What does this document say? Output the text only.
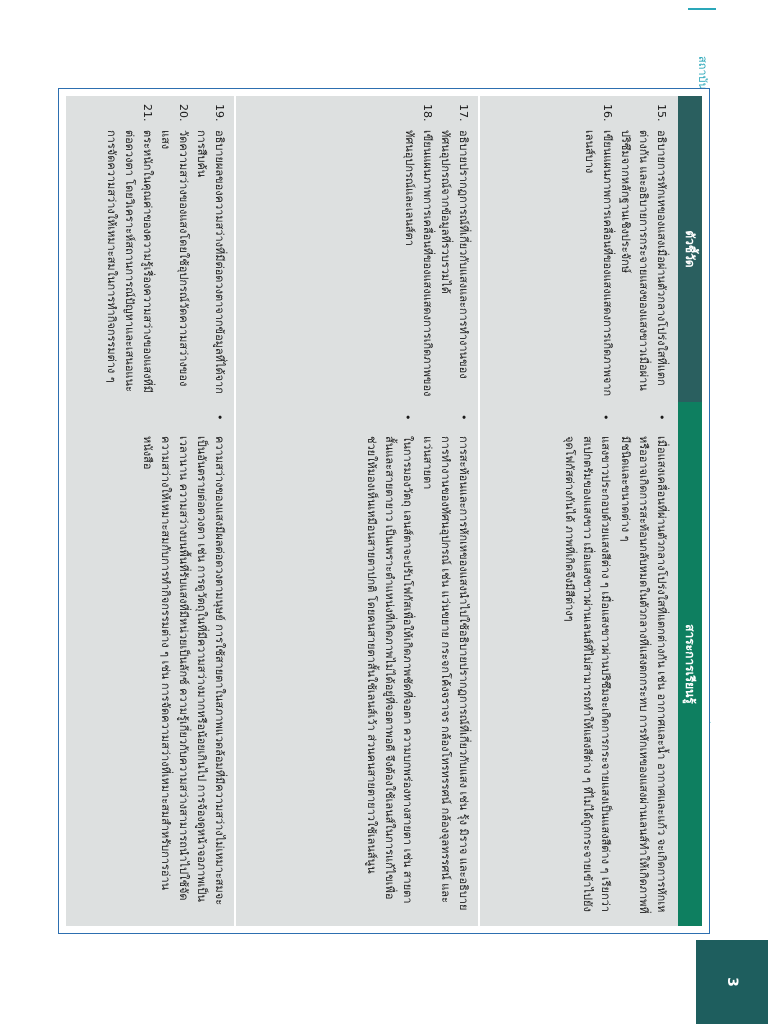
3
ตัวชี้วัด
สาระการเรียนรู้
15.
อธิบายการหักเหของแสงเมื่อผ่านตัวกลางโปร่งใสที่แตกต่างกัน และอธิบายการกระจายแสงของแสงขาวเมื่อผ่านปริซึมจากหลักฐานเชิงประจักษ์
16.
เขียนแผนภาพการเคลื่อนที่ของแสงแสดงการเกิดภาพจากเลนส์บาง
•
เมื่อแสงเคลื่อนที่ผ่านตัวกลางโปร่งใสที่แตกต่างกัน เช่น อากาศและน้ำ อากาศและแก้ว จะเกิดการหักเห หรืออาจเกิดการสะท้อนกลับหมดในตัวกลางที่แสงตกกระทบ การหักเหของแสงผ่านเลนส์ทำให้เกิดภาพที่มีชนิดและขนาดต่าง ๆ
•
แสงขาวประกอบด้วยแสงสีต่าง ๆ เมื่อแสงขาวผ่านปริซึมจะเกิดการกระจายแสงเป็นแสงสีต่าง ๆ เรียกว่า สเปกตรัมของแสงขาว เมื่อแสงขาวผ่านเลนส์ที่ไม่สามารถทำให้แสงสีต่าง ๆ ที่ไม่ได้ถูกกระจายเข้าไปยังจุดโฟกัสต่างกันได้ ภาพที่เกิดจึงมีสีต่างๆ
17.
อธิบายปรากฏการณ์ที่เกี่ยวกับแสงและการทำงานของทัศนอุปกรณ์จากข้อมูลที่รวบรวมได้
18.
เขียนแผนภาพการเคลื่อนที่ของแสงแสดงการเกิดภาพของทัศนอุปกรณ์และเลนส์ตา
•
การสะท้อนและการหักเหของแสงนำไปใช้อธิบายปรากฏการณ์ที่เกี่ยวกับแสง เช่น รุ้ง มิราจ และอธิบายการทำงานของทัศนอุปกรณ์ เช่น แว่นขยาย กระจกโค้งจราจร กล้องโทรทรรศน์ กล้องจุลทรรศน์ และแว่นสายตา
•
ในการมองวัตถุ เลนส์ตาจะปรับโฟกัสเพื่อให้เกิดภาพชัดที่จอตา ความบกพร่องทางสายตา เช่น สายตาสั้นและสายตายาว เป็นเพราะตำแหน่งที่เกิดภาพไม่ได้อยู่ที่จอตาพอดี จึงต้องใช้เลนส์ในการแก้ไขเพื่อช่วยให้มองเห็นเหมือนสายตาปกติ โดยคนสายตาสั้นใช้เลนส์เว้า ส่วนคนสายตายาวใช้เลนส์นูน
19.
อธิบายผลของความสว่างที่มีต่อดวงตาจากข้อมูลที่ได้จากการสืบค้น
20.
วัดความสว่างของแสงโดยใช้อุปกรณ์วัดความสว่างของแสง
21.
ตระหนักในคุณค่าของความรู้เรื่องความสว่างของแสงที่มีต่อดวงตา โดยวิเคราะห์สถานการณ์ปัญหาและเสนอแนะการจัดความสว่างให้เหมาะสมในการทำกิจกรรมต่าง ๆ
•
ความสว่างของแสงมีผลต่อดวงตามนุษย์ การใช้สายตาในสภาพแวดล้อมที่มีความสว่างไม่เหมาะสมจะเป็นอันตรายต่อดวงตา เช่น การดูวัตถุในที่มีความสว่างมากหรือน้อยเกินไป การจ้องดูหน้าจอภาพเป็นเวลานาน ความสว่างบนพื้นที่รับแสงที่มีหน่วยเป็นลักซ์ ความรู้เกี่ยวกับความสว่างสามารถนำไปใช้จัดความสว่างให้เหมาะสมกับการทำกิจกรรมต่าง ๆ เช่น การจัดความสว่างที่เหมาะสมสำหรับการอ่านหนังสือ
